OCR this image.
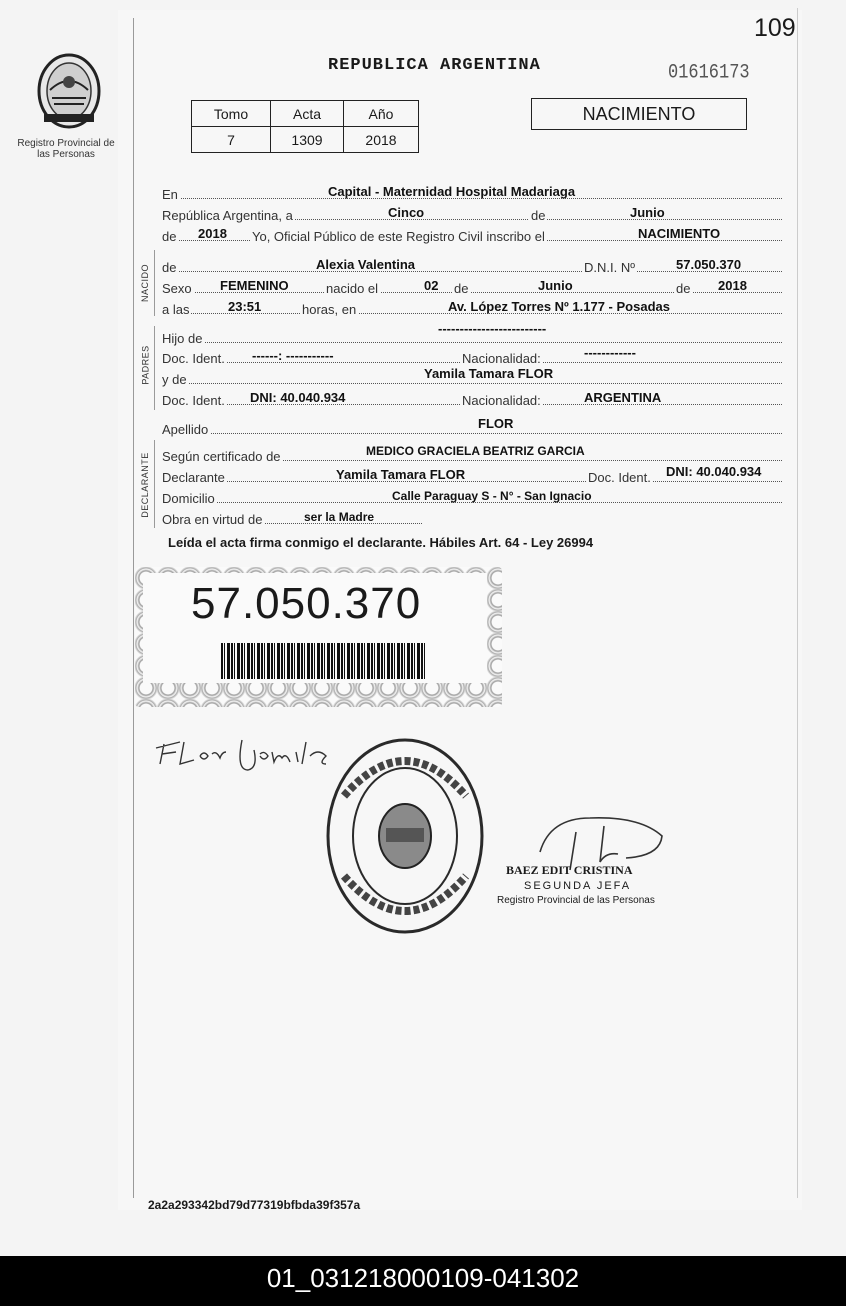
Registro Provincial de las Personas
109
REPUBLICA ARGENTINA	01616173
NACIMIENTO
Tomo	Acta	Año
7	1309	2018
En	Capital - Maternidad Hospital Madariaga
República Argentina, a	Cinco	de	Junio
de 2018 Yo, Oficial Público de este Registro Civil inscribo el	NACIMIENTO
NACIDO de	Alexia Valentina	D.N.I. Nº	57.050.370
Sexo FEMENINO	nacido el	02 de	Junio	de 2018
a las	23:51	horas, en	Av. López Torres Nº 1.177 - Posadas
PADRES
Hijo de
-------------------------
Doc. Ident. ------: -----------	Nacionalidad:	------------
y de	Yamila Tamara FLOR
Doc. Ident. DNI: 40.040.934	Nacionalidad:	ARGENTINA
Apellido	FLOR
DECLARANTE Según certificado de	MEDICO GRACIELA BEATRIZ GARCIA
Declarante	Yamila Tamara FLOR	Doc. Ident. DNI: 40.040.934
Domicilio	Calle Paraguay S - N° - San Ignacio
Obra en virtud de	ser la Madre
Leída el acta firma conmigo el declarante. Hábiles Art. 64 - Ley 26994
57.050.370
BAEZ EDIT CRISTINA
SEGUNDA JEFA
Registro Provincial de las Personas
2a2a293342bd79d77319bfbda39f357a
01_031218000109-041302
